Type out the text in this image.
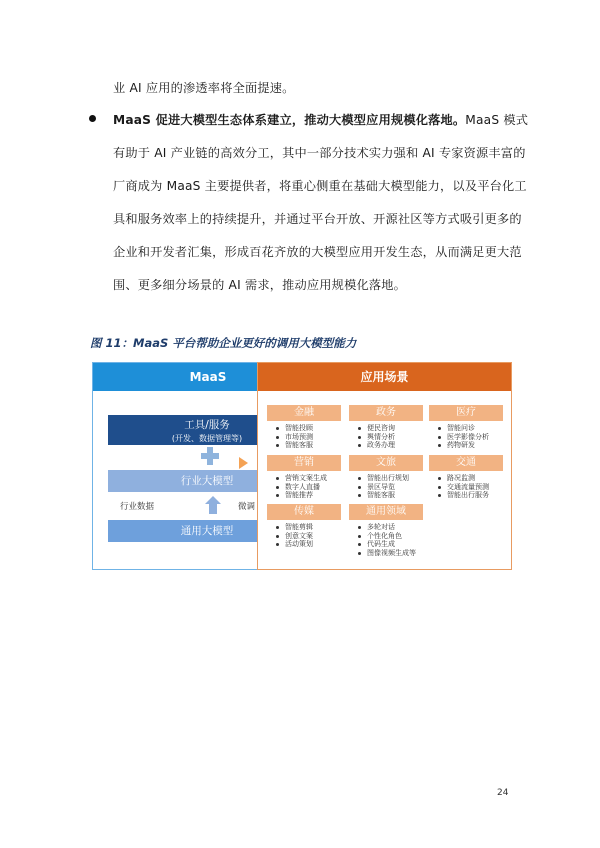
业 AI 应用的渗透率将全面提速。
MaaS 促进大模型生态体系建立，推动大模型应用规模化落地。MaaS 模式
有助于 AI 产业链的高效分工，其中一部分技术实力强和 AI 专家资源丰富的
厂商成为 MaaS 主要提供者，将重心侧重在基础大模型能力，以及平台化工
具和服务效率上的持续提升，并通过平台开放、开源社区等方式吸引更多的
企业和开发者汇集，形成百花齐放的大模型应用开发生态，从而满足更大范
围、更多细分场景的 AI 需求，推动应用规模化落地。
图 11：MaaS 平台帮助企业更好的调用大模型能力
MaaS
工具/服务
(开发、数据管理等)
行业大模型
行业数据	微调
通用大模型
应用场景
金融
智能投顾
市场预测
智能客服
政务
便民咨询
舆情分析
政务办理
医疗
智能问诊
医学影像分析
药物研发
营销
营销文案生成
数字人直播
智能推荐
文旅
智能出行规划
景区导览
智能客服
交通
路况监测
交通流量预测
智能出行服务
传媒
智能剪辑
创意文案
活动策划
通用领域
多轮对话
个性化角色
代码生成
图像视频生成等
24
